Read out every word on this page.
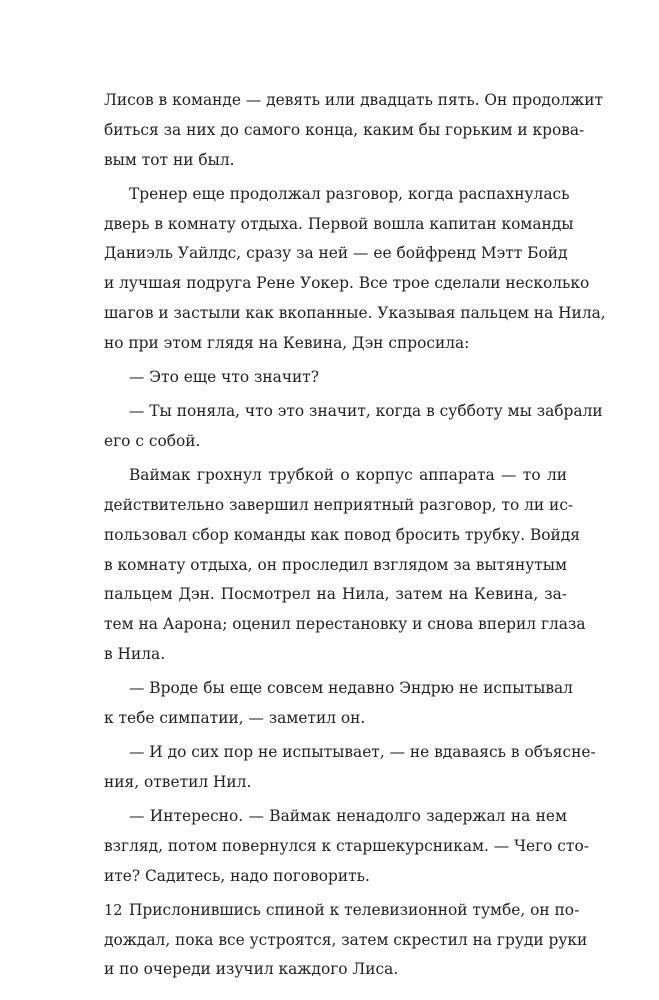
Лисов в команде — девять или двадцать пять. Он продолжит
биться за них до самого конца, каким бы горьким и крова-
вым тот ни был.

Тренер еще продолжал разговор, когда распахнулась
дверь в комнату отдыха. Первой вошла капитан команды
Даниэль Уайлдс, сразу за ней — ее бойфренд Мэтт Бойд
и лучшая подруга Рене Уокер. Все трое сделали несколько
шагов и застыли как вкопанные. Указывая пальцем на Нила,
но при этом глядя на Кевина, Дэн спросила:

— Это еще что значит?

— Ты поняла, что это значит, когда в субботу мы забрали
его с собой.

Ваймак грохнул трубкой о корпус аппарата — то ли
действительно завершил неприятный разговор, то ли ис-
пользовал сбор команды как повод бросить трубку. Войдя
в комнату отдыха, он проследил взглядом за вытянутым
пальцем Дэн. Посмотрел на Нила, затем на Кевина, за-
тем на Аарона; оценил перестановку и снова вперил глаза
в Нила.

— Вроде бы еще совсем недавно Эндрю не испытывал
к тебе симпатии, — заметил он.

— И до сих пор не испытывает, — не вдаваясь в объясне-
ния, ответил Нил.

— Интересно. — Ваймак ненадолго задержал на нем
взгляд, потом повернулся к старшекурсникам. — Чего сто-
ите? Садитесь, надо поговорить.

Прислонившись спиной к телевизионной тумбе, он по-
дождал, пока все устроятся, затем скрестил на груди руки
и по очереди изучил каждого Лиса.

12
